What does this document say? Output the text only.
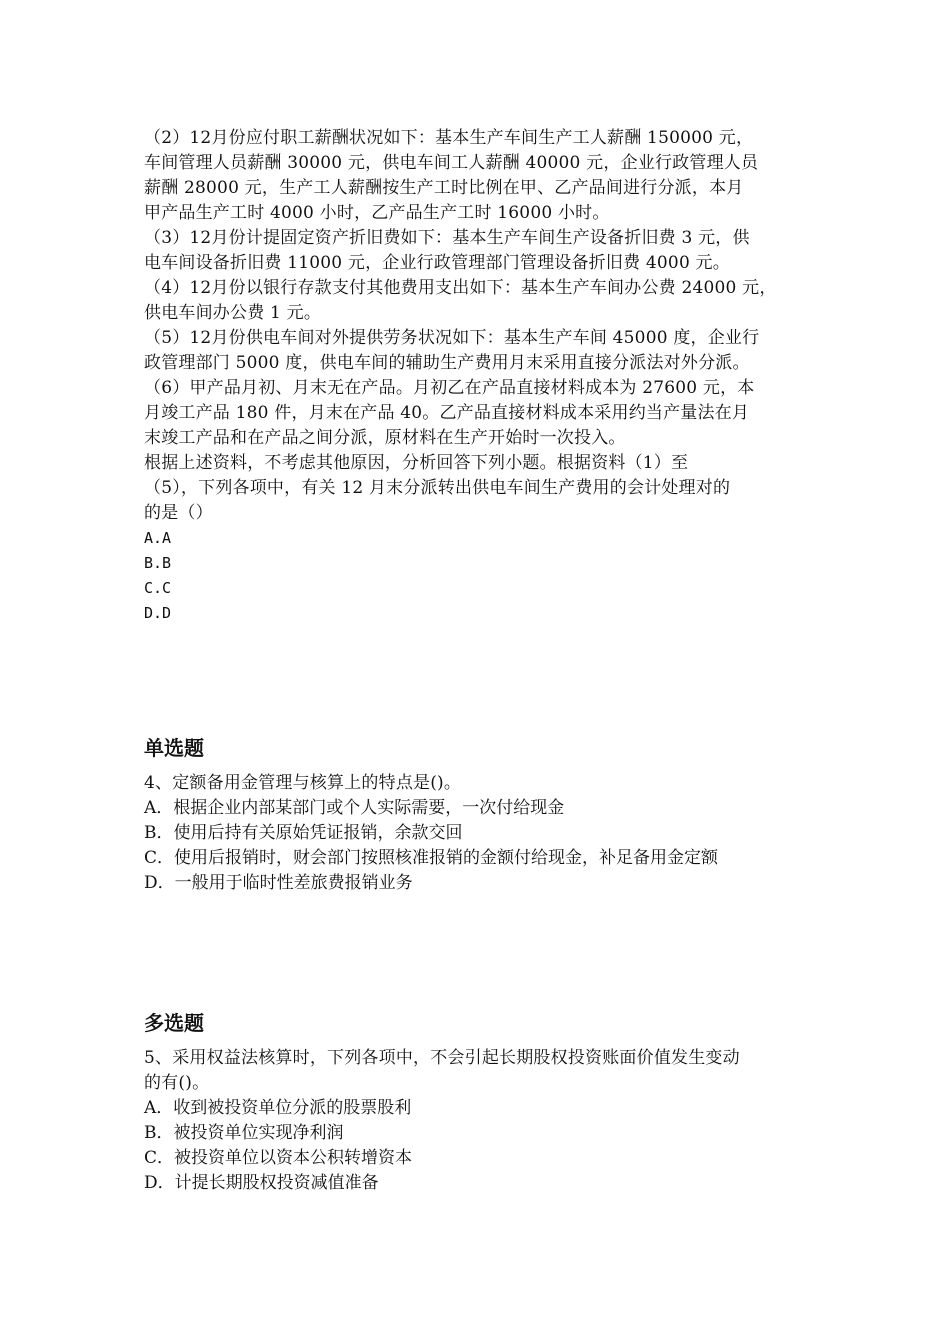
（2）12月份应付职工薪酬状况如下：基本生产车间生产工人薪酬 150000 元，
车间管理人员薪酬 30000 元，供电车间工人薪酬 40000 元，企业行政管理人员
薪酬 28000 元，生产工人薪酬按生产工时比例在甲、乙产品间进行分派，本月
甲产品生产工时 4000 小时，乙产品生产工时 16000 小时。
（3）12月份计提固定资产折旧费如下：基本生产车间生产设备折旧费 3 元，供
电车间设备折旧费 11000 元，企业行政管理部门管理设备折旧费 4000 元。
（4）12月份以银行存款支付其他费用支出如下：基本生产车间办公费 24000 元，
供电车间办公费 1 元。
（5）12月份供电车间对外提供劳务状况如下：基本生产车间 45000 度，企业行
政管理部门 5000 度，供电车间的辅助生产费用月末采用直接分派法对外分派。
（6）甲产品月初、月末无在产品。月初乙在产品直接材料成本为 27600 元，本
月竣工产品 180 件，月末在产品 40。乙产品直接材料成本采用约当产量法在月
末竣工产品和在产品之间分派，原材料在生产开始时一次投入。
根据上述资料，不考虑其他原因，分析回答下列小题。根据资料（1）至
（5），下列各项中，有关 12 月末分派转出供电车间生产费用的会计处理对的
的是（）
A.A
B.B
C.C
D.D
单选题
4、定额备用金管理与核算上的特点是()。
A．根据企业内部某部门或个人实际需要，一次付给现金
B．使用后持有关原始凭证报销，余款交回
C．使用后报销时，财会部门按照核准报销的金额付给现金，补足备用金定额
D．一般用于临时性差旅费报销业务
多选题
5、采用权益法核算时，下列各项中，不会引起长期股权投资账面价值发生变动
的有()。
A．收到被投资单位分派的股票股利
B．被投资单位实现净利润
C．被投资单位以资本公积转增资本
D．计提长期股权投资减值准备
